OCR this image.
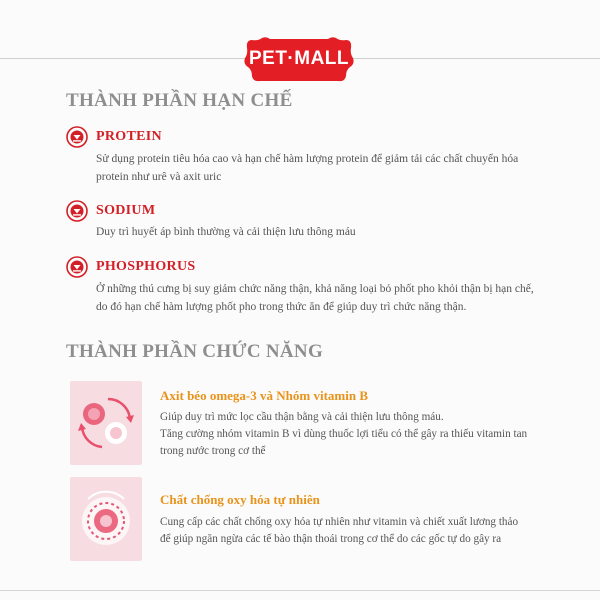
PET·MALL
THÀNH PHẦN HẠN CHẾ
PROTEIN
Sử dụng protein tiêu hóa cao và hạn chế hàm lượng protein để giảm tải các chất chuyển hóa
protein như urê và axit uric
SODIUM
Duy trì huyết áp bình thường và cải thiện lưu thông máu
PHOSPHORUS
Ở những thú cưng bị suy giảm chức năng thận, khả năng loại bỏ phốt pho khỏi thận bị hạn chế,
do đó hạn chế hàm lượng phốt pho trong thức ăn để giúp duy trì chức năng thận.
THÀNH PHẦN CHỨC NĂNG
Axit béo omega-3 và Nhóm vitamin B
Giúp duy trì mức lọc cầu thận bằng và cải thiện lưu thông máu.
Tăng cường nhóm vitamin B vì dùng thuốc lợi tiểu có thể gây ra thiếu vitamin tan
trong nước trong cơ thể
Chất chống oxy hóa tự nhiên
Cung cấp các chất chống oxy hóa tự nhiên như vitamin và chiết xuất lương thảo
để giúp ngăn ngừa các tế bào thận thoái trong cơ thể do các gốc tự do gây ra
